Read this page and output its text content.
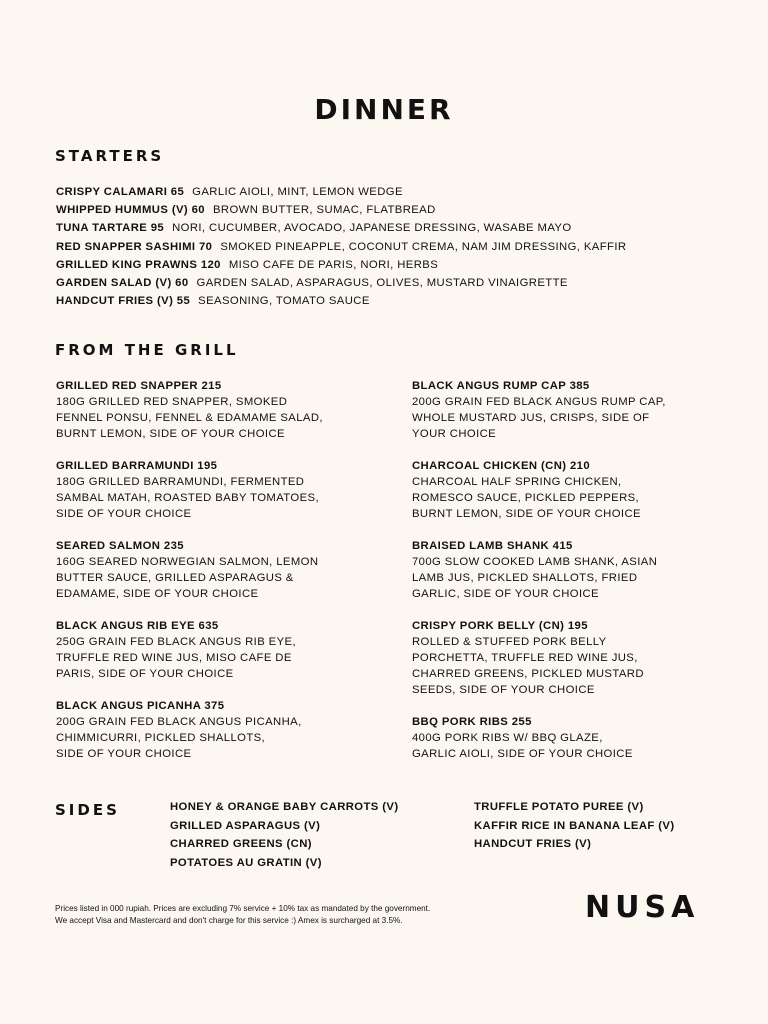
DINNER
STARTERS
CRISPY CALAMARI 65 GARLIC AIOLI, MINT, LEMON WEDGE
WHIPPED HUMMUS (V) 60 BROWN BUTTER, SUMAC, FLATBREAD
TUNA TARTARE 95 NORI, CUCUMBER, AVOCADO, JAPANESE DRESSING, WASABE MAYO
RED SNAPPER SASHIMI 70 SMOKED PINEAPPLE, COCONUT CREMA, NAM JIM DRESSING, KAFFIR
GRILLED KING PRAWNS 120 MISO CAFE DE PARIS, NORI, HERBS
GARDEN SALAD (V) 60 GARDEN SALAD, ASPARAGUS, OLIVES, MUSTARD VINAIGRETTE
HANDCUT FRIES (V) 55 SEASONING, TOMATO SAUCE
FROM THE GRILL
GRILLED RED SNAPPER 215
180G GRILLED RED SNAPPER, SMOKED
FENNEL PONSU, FENNEL & EDAMAME SALAD,
BURNT LEMON, SIDE OF YOUR CHOICE
GRILLED BARRAMUNDI 195
180G GRILLED BARRAMUNDI, FERMENTED
SAMBAL MATAH, ROASTED BABY TOMATOES,
SIDE OF YOUR CHOICE
SEARED SALMON 235
160G SEARED NORWEGIAN SALMON, LEMON
BUTTER SAUCE, GRILLED ASPARAGUS &
EDAMAME, SIDE OF YOUR CHOICE
BLACK ANGUS RIB EYE 635
250G GRAIN FED BLACK ANGUS RIB EYE,
TRUFFLE RED WINE JUS, MISO CAFE DE
PARIS, SIDE OF YOUR CHOICE
BLACK ANGUS PICANHA 375
200G GRAIN FED BLACK ANGUS PICANHA,
CHIMMICURRI, PICKLED SHALLOTS,
SIDE OF YOUR CHOICE
BLACK ANGUS RUMP CAP 385
200G GRAIN FED BLACK ANGUS RUMP CAP,
WHOLE MUSTARD JUS, CRISPS, SIDE OF
YOUR CHOICE
CHARCOAL CHICKEN (CN) 210
CHARCOAL HALF SPRING CHICKEN,
ROMESCO SAUCE, PICKLED PEPPERS,
BURNT LEMON, SIDE OF YOUR CHOICE
BRAISED LAMB SHANK 415
700G SLOW COOKED LAMB SHANK, ASIAN
LAMB JUS, PICKLED SHALLOTS, FRIED
GARLIC, SIDE OF YOUR CHOICE
CRISPY PORK BELLY (CN) 195
ROLLED & STUFFED PORK BELLY
PORCHETTA, TRUFFLE RED WINE JUS,
CHARRED GREENS, PICKLED MUSTARD
SEEDS, SIDE OF YOUR CHOICE
BBQ PORK RIBS 255
400G PORK RIBS W/ BBQ GLAZE,
GARLIC AIOLI, SIDE OF YOUR CHOICE
SIDES	HONEY & ORANGE BABY CARROTS (V)
GRILLED ASPARAGUS (V)
CHARRED GREENS (CN)
POTATOES AU GRATIN (V)
TRUFFLE POTATO PUREE (V)
KAFFIR RICE IN BANANA LEAF (V)
HANDCUT FRIES (V)
Prices listed in 000 rupiah. Prices are excluding 7% service + 10% tax as mandated by the government.
We accept Visa and Mastercard and don't charge for this service :) Amex is surcharged at 3.5%.	NUSA
